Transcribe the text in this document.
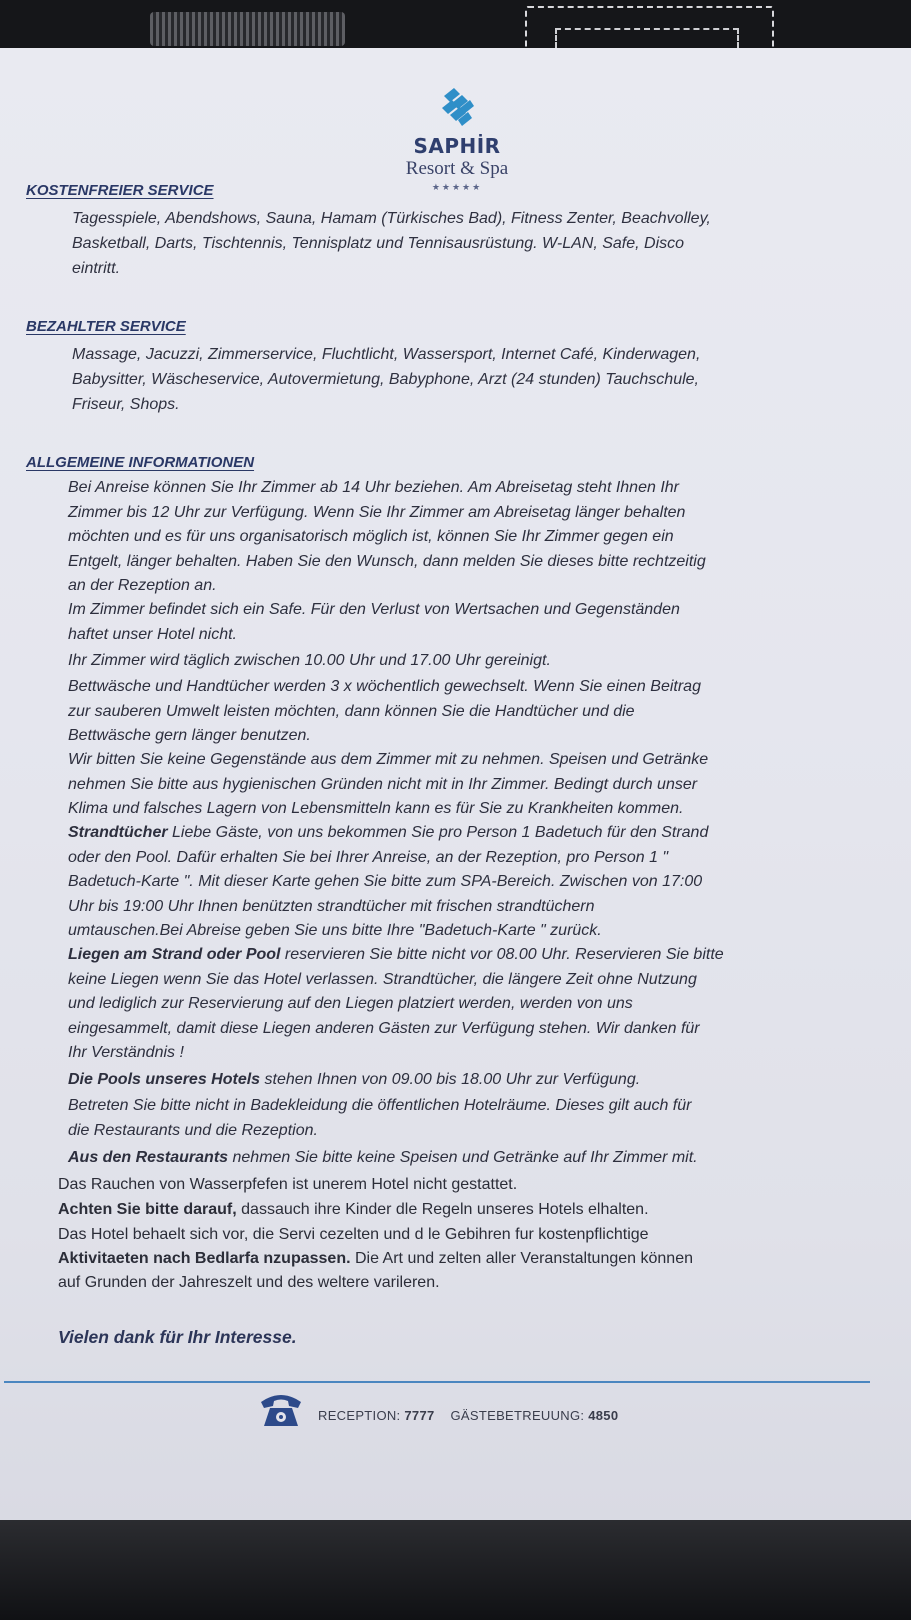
SAPHİR
Resort & Spa
★★★★★
KOSTENFREIER SERVICE
Tagesspiele, Abendshows, Sauna, Hamam (Türkisches Bad), Fitness Zenter, Beachvolley,
Basketball, Darts, Tischtennis, Tennisplatz und Tennisausrüstung. W-LAN, Safe, Disco
eintritt.
BEZAHLTER SERVICE
Massage, Jacuzzi, Zimmerservice, Fluchtlicht, Wassersport, Internet Café, Kinderwagen,
Babysitter, Wäscheservice, Autovermietung, Babyphone, Arzt (24 stunden) Tauchschule,
Friseur, Shops.
ALLGEMEINE INFORMATIONEN
Bei Anreise können Sie Ihr Zimmer ab 14 Uhr beziehen. Am Abreisetag steht Ihnen Ihr
Zimmer bis 12 Uhr zur Verfügung. Wenn Sie Ihr Zimmer am Abreisetag länger behalten
möchten und es für uns organisatorisch möglich ist, können Sie Ihr Zimmer gegen ein
Entgelt, länger behalten. Haben Sie den Wunsch, dann melden Sie dieses bitte rechtzeitig
an der Rezeption an.
Im Zimmer befindet sich ein Safe. Für den Verlust von Wertsachen und Gegenständen
haftet unser Hotel nicht.
Ihr Zimmer wird täglich zwischen 10.00 Uhr und 17.00 Uhr gereinigt.
Bettwäsche und Handtücher werden 3 x wöchentlich gewechselt. Wenn Sie einen Beitrag
zur sauberen Umwelt leisten möchten, dann können Sie die Handtücher und die
Bettwäsche gern länger benutzen.
Wir bitten Sie keine Gegenstände aus dem Zimmer mit zu nehmen. Speisen und Getränke
nehmen Sie bitte aus hygienischen Gründen nicht mit in Ihr Zimmer. Bedingt durch unser
Klima und falsches Lagern von Lebensmitteln kann es für Sie zu Krankheiten kommen.
Strandtücher Liebe Gäste, von uns bekommen Sie pro Person 1 Badetuch für den Strand
oder den Pool. Dafür erhalten Sie bei Ihrer Anreise, an der Rezeption, pro Person 1 "
Badetuch-Karte ". Mit dieser Karte gehen Sie bitte zum SPA-Bereich. Zwischen von 17:00
Uhr bis 19:00 Uhr Ihnen benützten strandtücher mit frischen strandtüchern
umtauschen.Bei Abreise geben Sie uns bitte Ihre "Badetuch-Karte " zurück.
Liegen am Strand oder Pool reservieren Sie bitte nicht vor 08.00 Uhr. Reservieren Sie bitte
keine Liegen wenn Sie das Hotel verlassen. Strandtücher, die längere Zeit ohne Nutzung
und lediglich zur Reservierung auf den Liegen platziert werden, werden von uns
eingesammelt, damit diese Liegen anderen Gästen zur Verfügung stehen. Wir danken für
Ihr Verständnis !
Die Pools unseres Hotels stehen Ihnen von 09.00 bis 18.00 Uhr zur Verfügung.
Betreten Sie bitte nicht in Badekleidung die öffentlichen Hotelräume. Dieses gilt auch für
die Restaurants und die Rezeption.
Aus den Restaurants nehmen Sie bitte keine Speisen und Getränke auf Ihr Zimmer mit.
Das Rauchen von Wasserpfefen ist unerem Hotel nicht gestattet.
Achten Sie bitte darauf, dassauch ihre Kinder dle Regeln unseres Hotels elhalten.
Das Hotel behaelt sich vor, die Servi cezelten und d le Gebihren fur kostenpflichtige
Aktivitaeten nach Bedlarfa nzupassen. Die Art und zelten aller Veranstaltungen können
auf Grunden der Jahreszelt und des weltere varileren.
Vielen dank für Ihr Interesse.
RECEPTION: 7777 GÄSTEBETREUUNG: 4850
